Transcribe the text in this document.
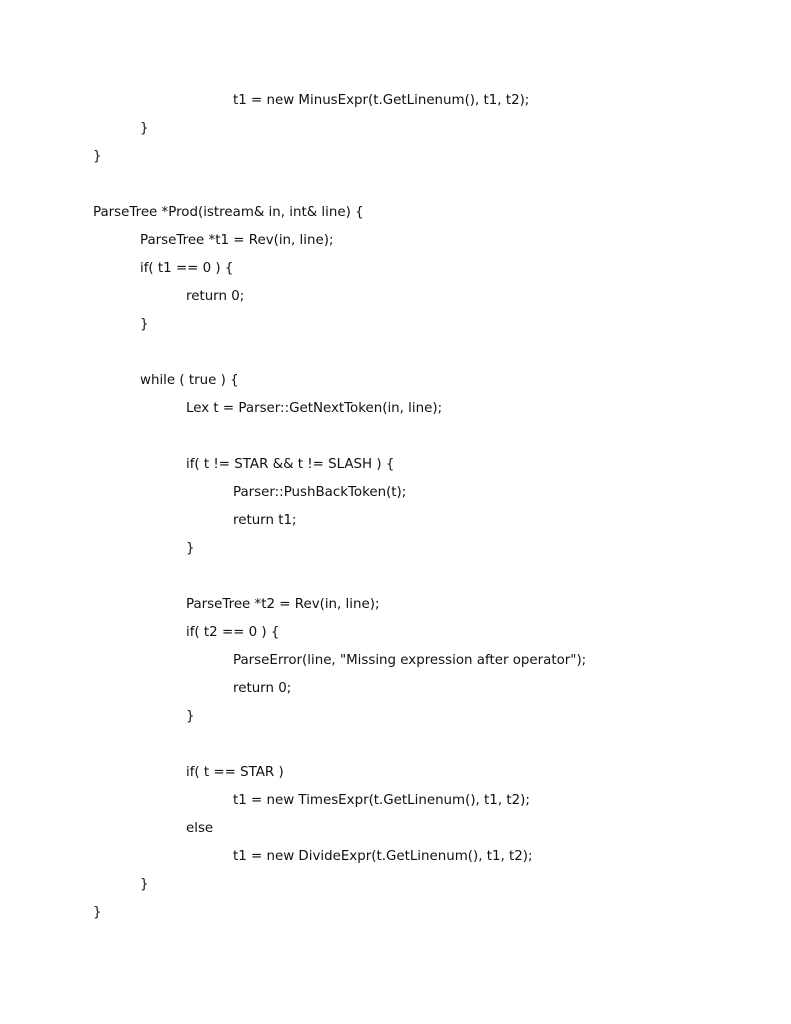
t1 = new MinusExpr(t.GetLinenum(), t1, t2);
}
}
ParseTree *Prod(istream& in, int& line) {
ParseTree *t1 = Rev(in, line);
if( t1 == 0 ) {
return 0;
}
while ( true ) {
Lex t = Parser::GetNextToken(in, line);
if( t != STAR && t != SLASH ) {
Parser::PushBackToken(t);
return t1;
}
ParseTree *t2 = Rev(in, line);
if( t2 == 0 ) {
ParseError(line, "Missing expression after operator");
return 0;
}
if( t == STAR )
t1 = new TimesExpr(t.GetLinenum(), t1, t2);
else
t1 = new DivideExpr(t.GetLinenum(), t1, t2);
}
}
